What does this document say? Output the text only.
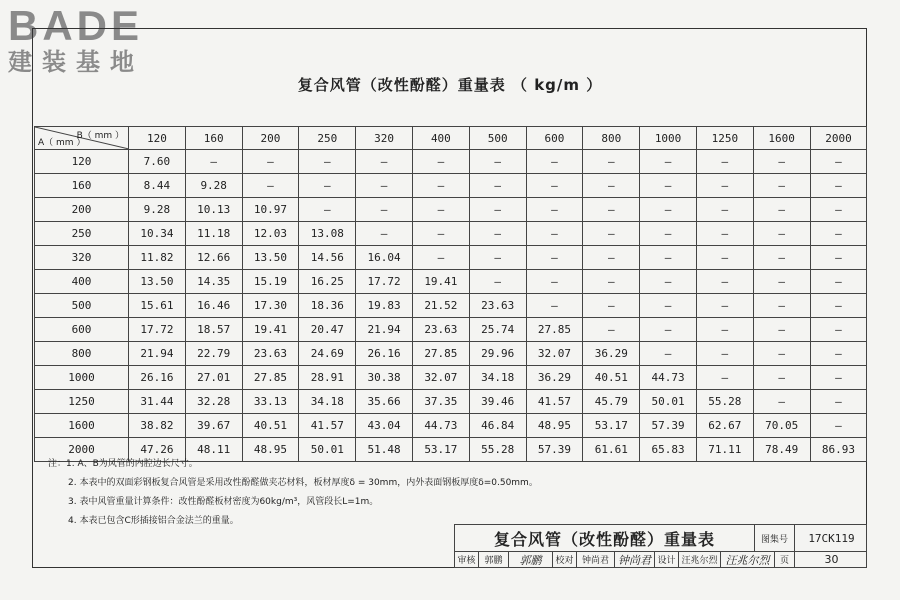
BADE
建装基地
复合风管（改性酚醛）重量表 （ kg/m ）
B（ mm ）
A（ mm ）	120	160	200	250	320	400	500	600	800	1000	1250	1600	2000
120	7.60	—	—	—	—	—	—	—	—	—	—	—	—
160	8.44	9.28	—	—	—	—	—	—	—	—	—	—	—
200	9.28	10.13	10.97	—	—	—	—	—	—	—	—	—	—
250	10.34	11.18	12.03	13.08	—	—	—	—	—	—	—	—	—
320	11.82	12.66	13.50	14.56	16.04	—	—	—	—	—	—	—	—
400	13.50	14.35	15.19	16.25	17.72	19.41	—	—	—	—	—	—	—
500	15.61	16.46	17.30	18.36	19.83	21.52	23.63	—	—	—	—	—	—
600	17.72	18.57	19.41	20.47	21.94	23.63	25.74	27.85	—	—	—	—	—
800	21.94	22.79	23.63	24.69	26.16	27.85	29.96	32.07	36.29	—	—	—	—
1000	26.16	27.01	27.85	28.91	30.38	32.07	34.18	36.29	40.51	44.73	—	—	—
1250	31.44	32.28	33.13	34.18	35.66	37.35	39.46	41.57	45.79	50.01	55.28	—	—
1600	38.82	39.67	40.51	41.57	43.04	44.73	46.84	48.95	53.17	57.39	62.67	70.05	—
2000	47.26	48.11	48.95	50.01	51.48	53.17	55.28	57.39	61.61	65.83	71.11	78.49	86.93
注：1. A、B为风管的内腔边长尺寸。
2. 本表中的双面彩钢板复合风管是采用改性酚醛做夹芯材料，板材厚度δ = 30mm，内外表面钢板厚度δ=0.50mm。
3. 表中风管重量计算条件：改性酚醛板材密度为60kg/m³，风管段长L=1m。
4. 本表已包含C形插接铝合金法兰的重量。
复合风管（改性酚醛）重量表	图集号	17CK119
审核 郭鹏	郭鹏	校对 钟尚君 钟尚君 设计 汪兆尔烈 汪兆尔烈	页	30
